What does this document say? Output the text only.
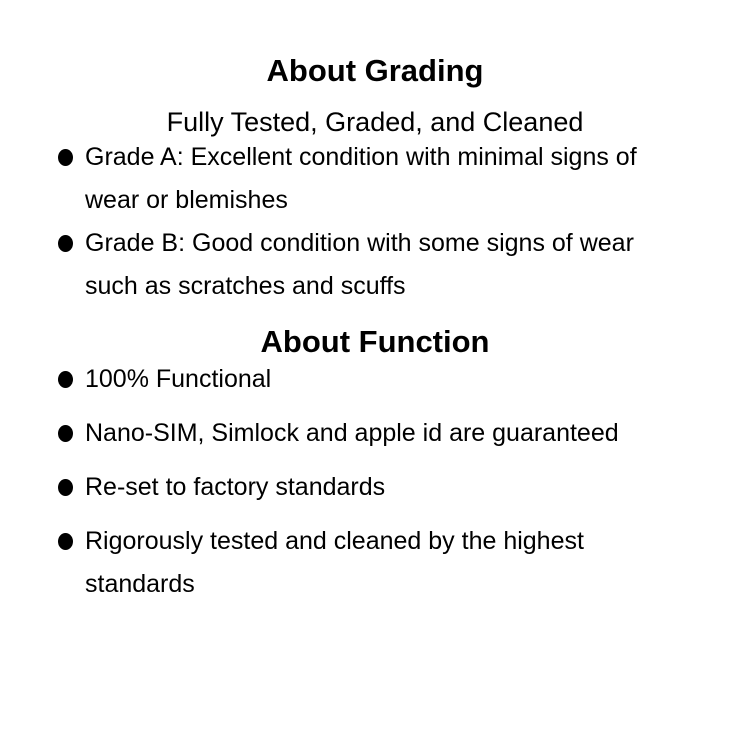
About Grading

Fully Tested, Graded, and Cleaned

Grade A: Excellent condition with minimal signs of wear or blemishes
Grade B: Good condition with some signs of wear such as scratches and scuffs
About Function
100% Functional
Nano-SIM, Simlock and apple id are guaranteed
Re-set to factory standards
Rigorously tested and cleaned by the highest standards
